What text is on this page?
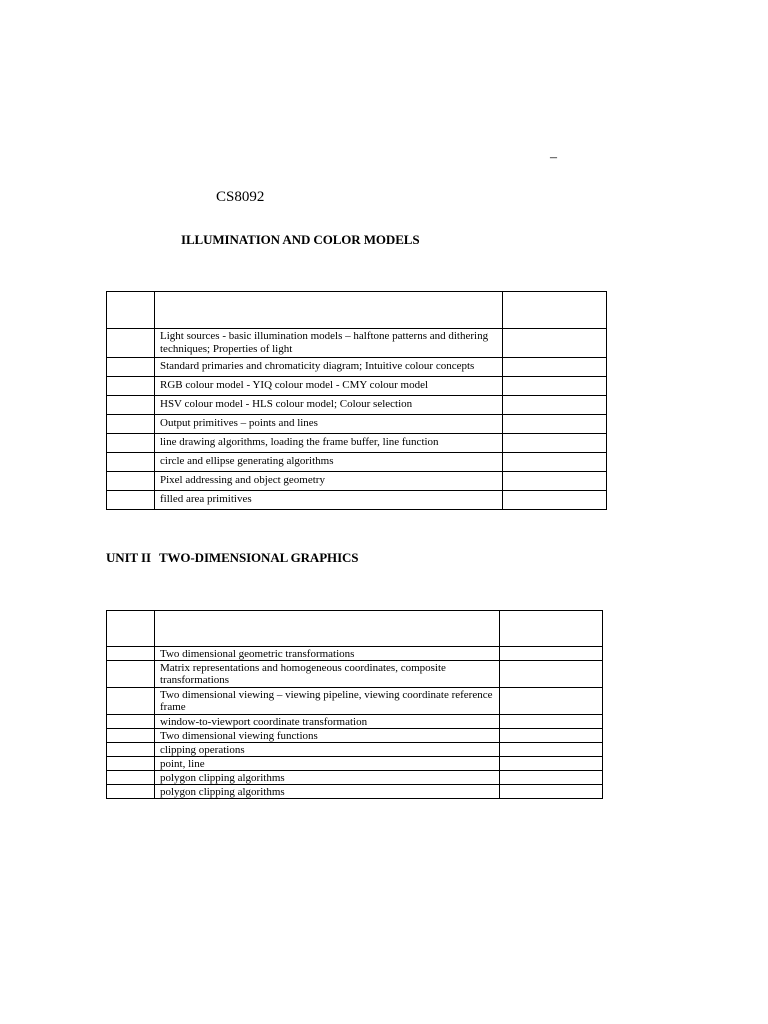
–
CS8092
ILLUMINATION AND COLOR MODELS

	Light sources - basic illumination models – halftone patterns and dithering techniques; Properties of light	
	Standard primaries and chromaticity diagram; Intuitive colour concepts	
	RGB colour model - YIQ colour model - CMY colour model	
	HSV colour model - HLS colour model; Colour selection	
	Output primitives – points and lines	
	line drawing algorithms, loading the frame buffer, line function	
	circle and ellipse generating algorithms	
	Pixel addressing and object geometry	
	filled area primitives	
UNIT II TWO-DIMENSIONAL GRAPHICS

	Two dimensional geometric transformations	
	Matrix representations and homogeneous coordinates, composite transformations	
	Two dimensional viewing – viewing pipeline, viewing coordinate reference frame	
	window-to-viewport coordinate transformation	
	Two dimensional viewing functions	
	clipping operations	
	point, line	
	polygon clipping algorithms	
	polygon clipping algorithms	
